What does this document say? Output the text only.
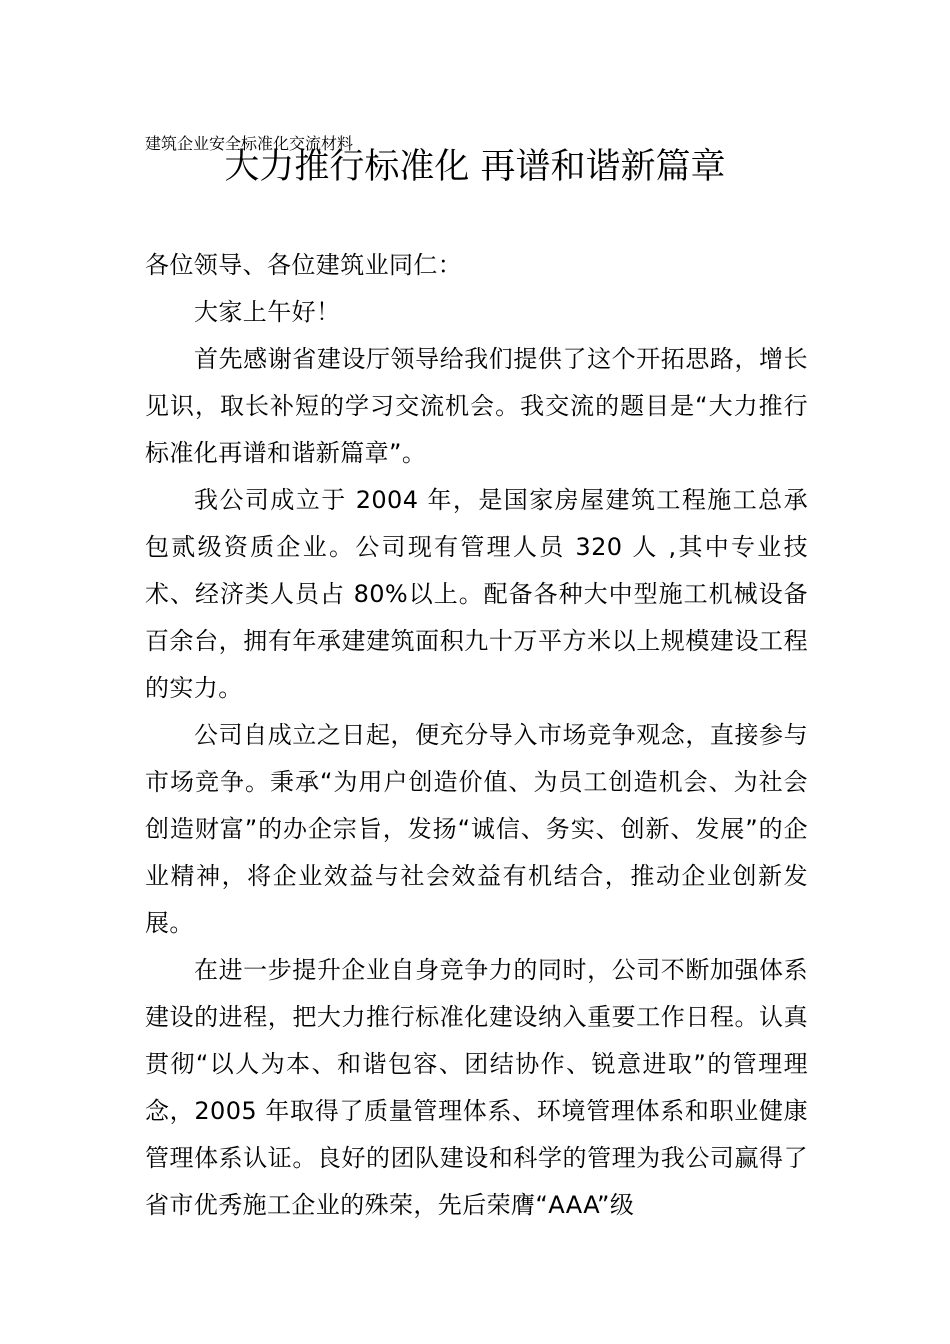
建筑企业安全标准化交流材料
大力推行标准化 再谱和谐新篇章

各位领导、各位建筑业同仁：

大家上午好！

首先感谢省建设厅领导给我们提供了这个开拓思路，增长见识，取长补短的学习交流机会。我交流的题目是“大力推行标准化再谱和谐新篇章”。

我公司成立于 2004 年，是国家房屋建筑工程施工总承包贰级资质企业。公司现有管理人员 320 人 ,其中专业技术、经济类人员占 80%以上。配备各种大中型施工机械设备百余台，拥有年承建建筑面积九十万平方米以上规模建设工程的实力。

公司自成立之日起，便充分导入市场竞争观念，直接参与市场竞争。秉承“为用户创造价值、为员工创造机会、为社会创造财富”的办企宗旨，发扬“诚信、务实、创新、发展”的企业精神，将企业效益与社会效益有机结合，推动企业创新发展。

在进一步提升企业自身竞争力的同时，公司不断加强体系建设的进程，把大力推行标准化建设纳入重要工作日程。认真贯彻“以人为本、和谐包容、团结协作、锐意进取”的管理理念，2005 年取得了质量管理体系、环境管理体系和职业健康管理体系认证。良好的团队建设和科学的管理为我公司赢得了省市优秀施工企业的殊荣，先后荣膺“AAA”级
